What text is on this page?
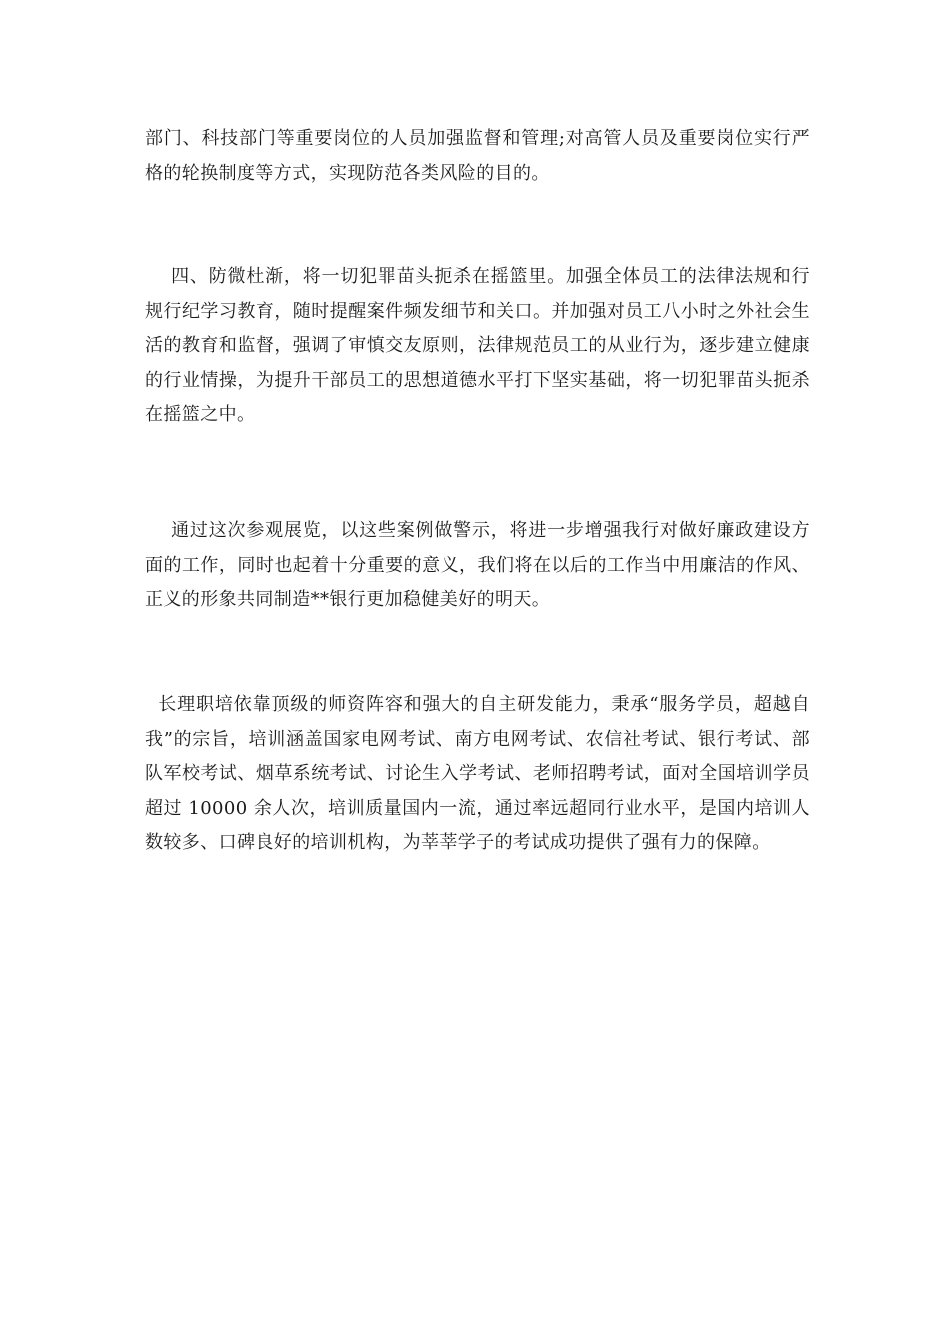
部门、科技部门等重要岗位的人员加强监督和管理;对高管人员及重要岗位实行严格的轮换制度等方式，实现防范各类风险的目的。

四、防微杜渐，将一切犯罪苗头扼杀在摇篮里。加强全体员工的法律法规和行规行纪学习教育，随时提醒案件频发细节和关口。并加强对员工八小时之外社会生活的教育和监督，强调了审慎交友原则，法律规范员工的从业行为，逐步建立健康的行业情操，为提升干部员工的思想道德水平打下坚实基础，将一切犯罪苗头扼杀在摇篮之中。

通过这次参观展览，以这些案例做警示，将进一步增强我行对做好廉政建设方面的工作，同时也起着十分重要的意义，我们将在以后的工作当中用廉洁的作风、正义的形象共同制造**银行更加稳健美好的明天。

长理职培依靠顶级的师资阵容和强大的自主研发能力，秉承“服务学员，超越自我”的宗旨，培训涵盖国家电网考试、南方电网考试、农信社考试、银行考试、部队军校考试、烟草系统考试、讨论生入学考试、老师招聘考试，面对全国培训学员超过 10000 余人次，培训质量国内一流，通过率远超同行业水平，是国内培训人数较多、口碑良好的培训机构，为莘莘学子的考试成功提供了强有力的保障。
